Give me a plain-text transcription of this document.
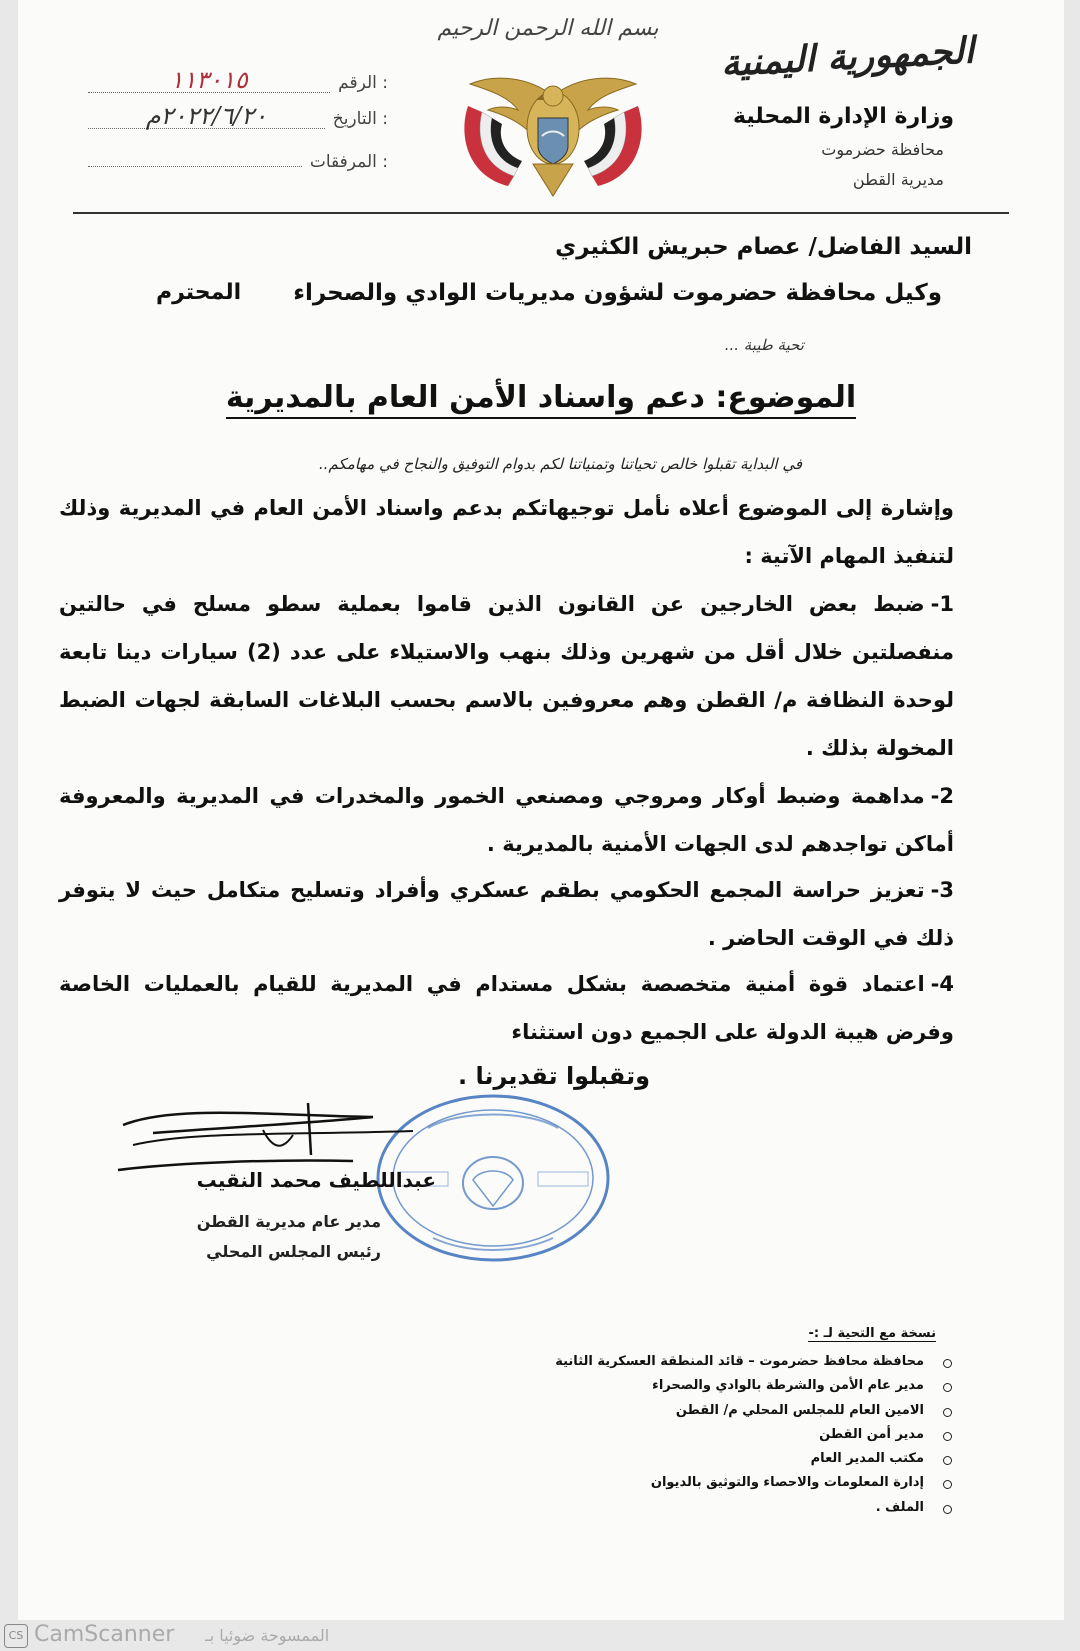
الجمهورية اليمنية
وزارة الإدارة المحلية
محافظة حضرموت
مديرية القطن
بسم الله الرحمن الرحيم
الرقم :
١١٣٠١٥
التاريخ :
٢٠٢٢/٦/٢٠م
المرفقات :
السيد الفاضل/ عصام حبريش الكثيري
وكيل محافظة حضرموت لشؤون مديريات الوادي والصحراء
المحترم
تحية طيبة ...
الموضوع: دعم واسناد الأمن العام بالمديرية
في البداية تقبلوا خالص تحياتنا وتمنياتنا لكم بدوام التوفيق والنجاح في مهامكم..
وإشارة إلى الموضوع أعلاه نأمل توجيهاتكم بدعم واسناد الأمن العام في المديرية وذلك لتنفيذ المهام الآتية :
1-ضبط بعض الخارجين عن القانون الذين قاموا بعملية سطو مسلح في حالتين منفصلتين خلال أقل من شهرين وذلك بنهب والاستيلاء على عدد (2) سيارات دينا تابعة لوحدة النظافة م/ القطن وهم معروفين بالاسم بحسب البلاغات السابقة لجهات الضبط المخولة بذلك .
2-مداهمة وضبط أوكار ومروجي ومصنعي الخمور والمخدرات في المديرية والمعروفة أماكن تواجدهم لدى الجهات الأمنية بالمديرية .
3-تعزيز حراسة المجمع الحكومي بطقم عسكري وأفراد وتسليح متكامل حيث لا يتوفر ذلك في الوقت الحاضر .
4-اعتماد قوة أمنية متخصصة بشكل مستدام في المديرية للقيام بالعمليات الخاصة وفرض هيبة الدولة على الجميع دون استثناء
وتقبلوا تقديرنا .
عبداللطيف محمد النقيب
مدير عام مديرية القطن
رئيس المجلس المحلي
نسخة مع التحية لـ :-
محافظة محافظ حضرموت – قائد المنطقة العسكرية الثانية
مدير عام الأمن والشرطة بالوادي والصحراء
الامين العام للمجلس المحلي م/ القطن
مدير أمن القطن
مكتب المدير العام
إدارة المعلومات والاحصاء والتوثيق بالديوان
الملف .
CS CamScanner الممسوحة ضوئيا بـ
